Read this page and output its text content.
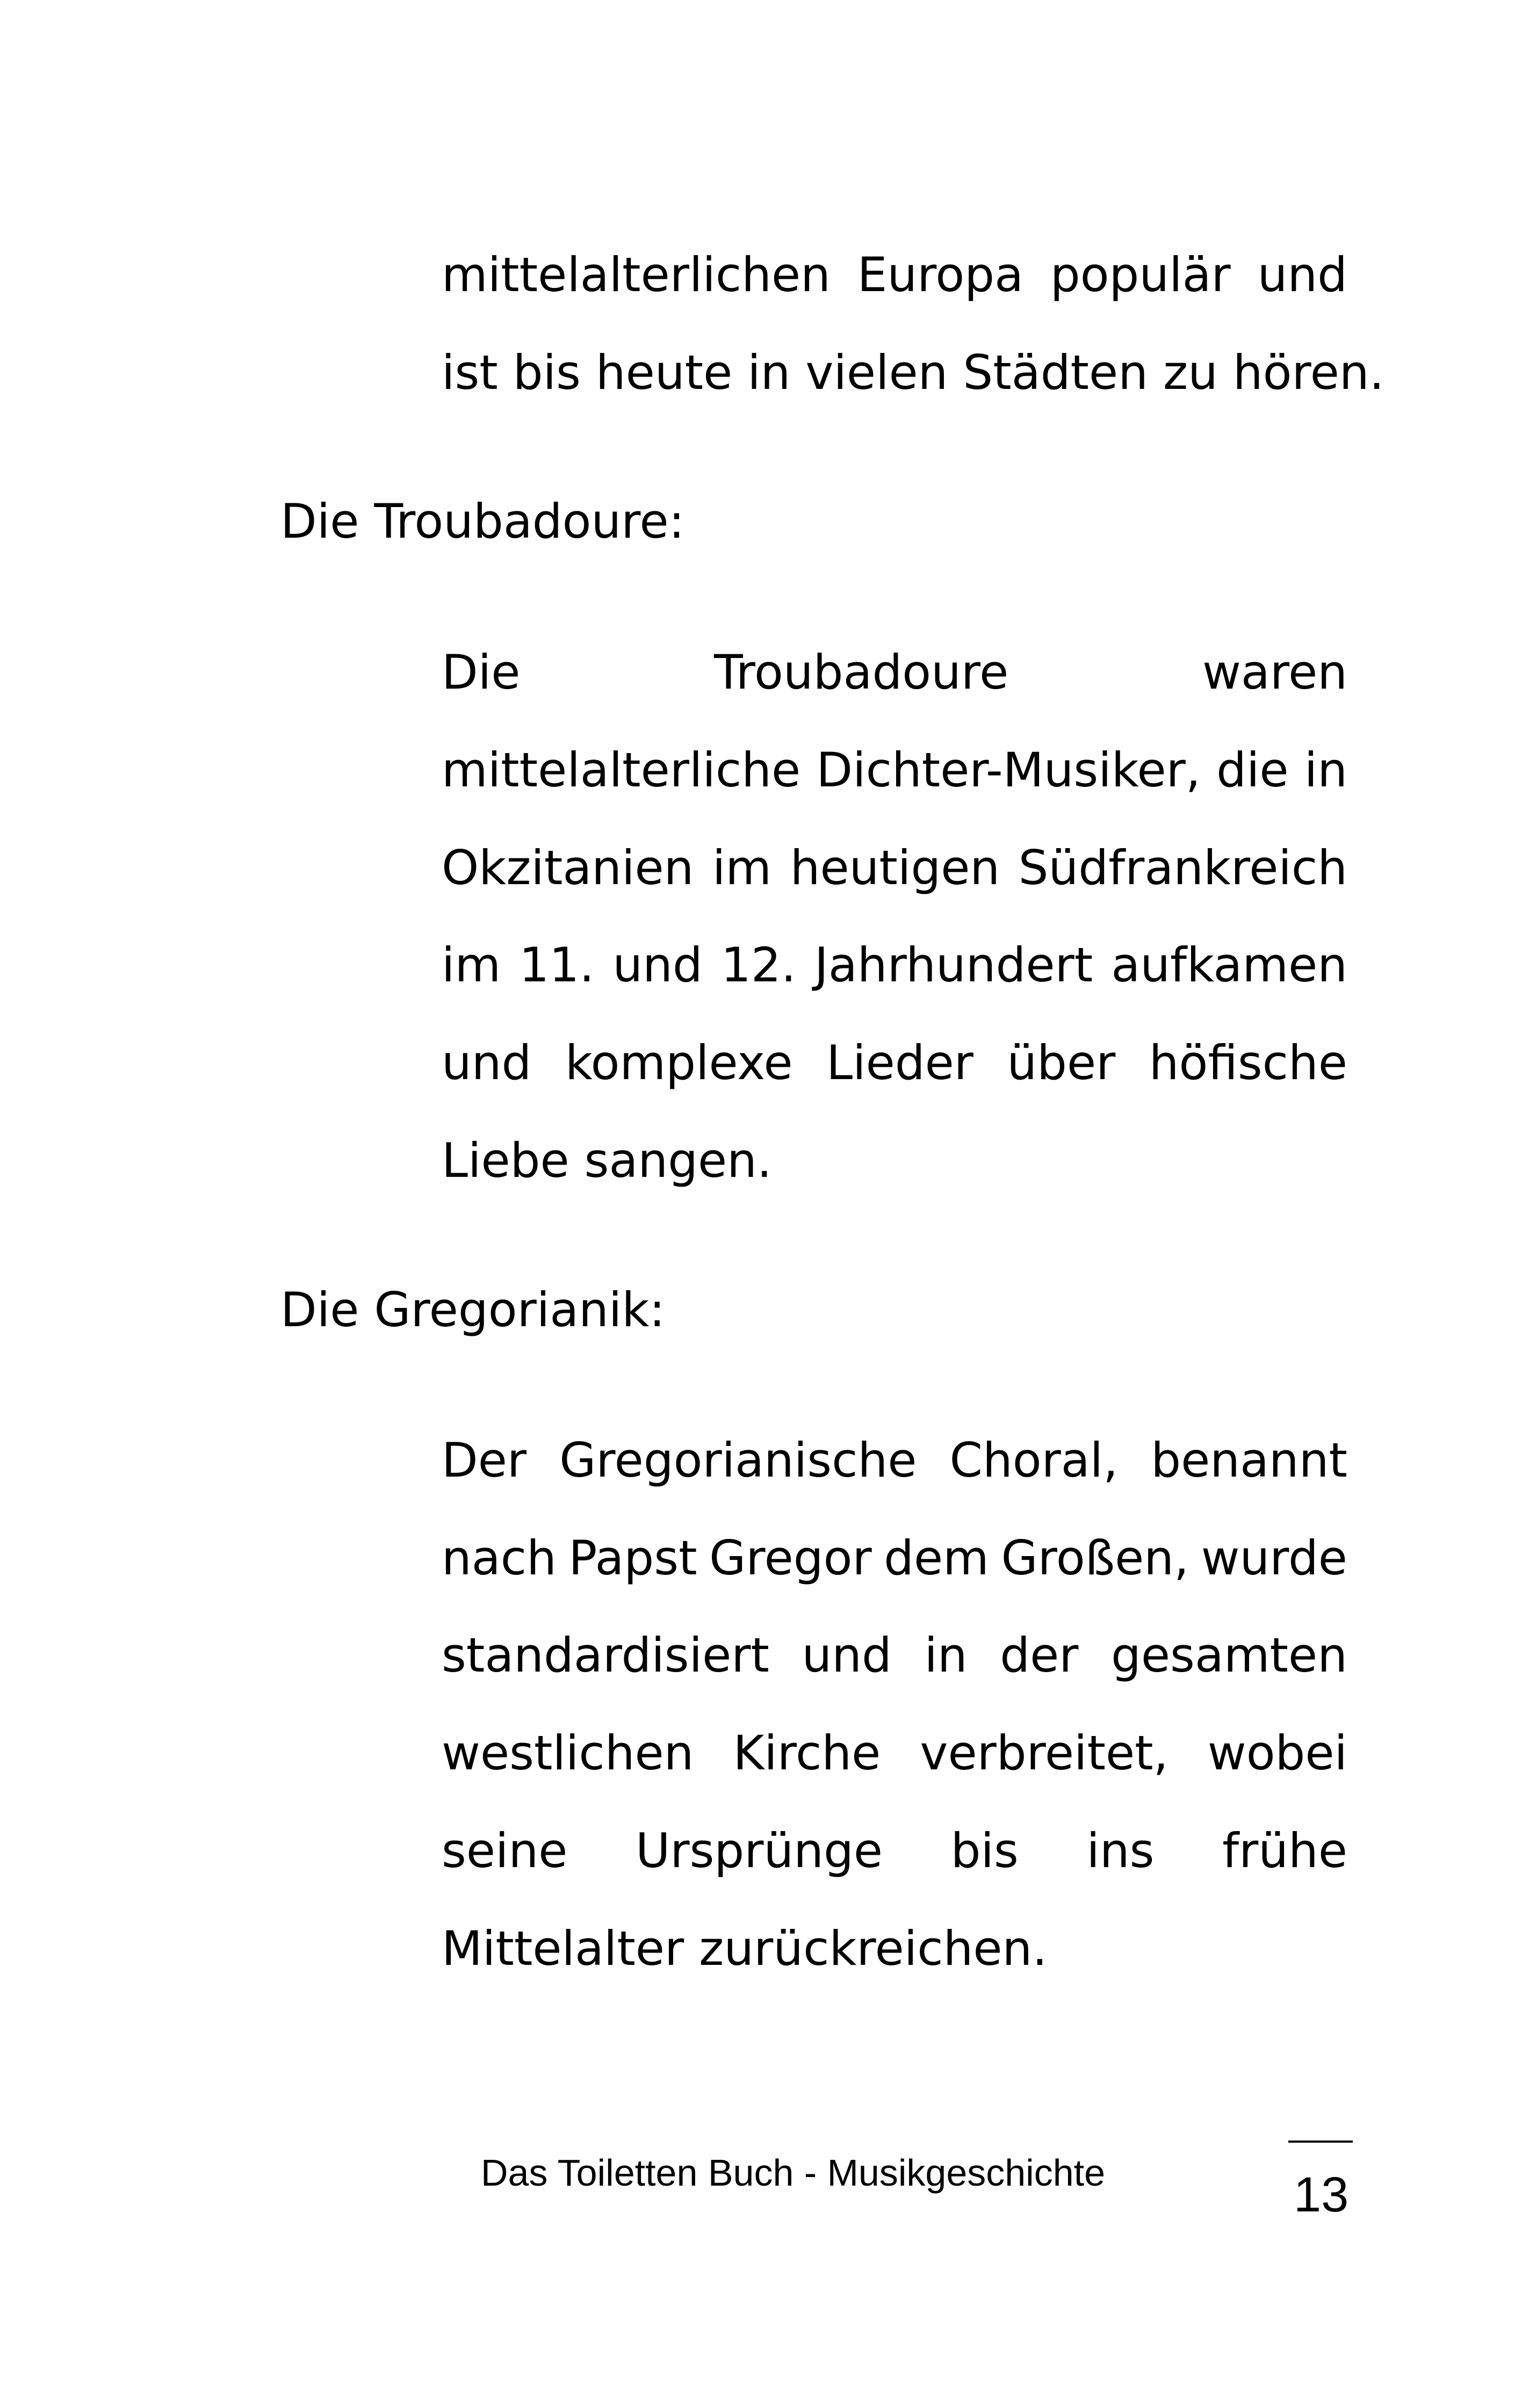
mittelalterlichen Europa populär und
ist bis heute in vielen Städten zu hören.
Die Troubadoure:
Die	Troubadoure	waren
mittelalterliche Dichter-Musiker, die in
Okzitanien im heutigen Südfrankreich
im 11. und 12. Jahrhundert aufkamen
und komplexe Lieder über höfische
Liebe sangen.
Die Gregorianik:
Der Gregorianische Choral, benannt
nach Papst Gregor dem Großen, wurde
standardisiert und in der gesamten
westlichen Kirche verbreitet, wobei
seine Ursprünge bis ins frühe
Mittelalter zurückreichen.
Das Toiletten Buch - Musikgeschichte	13
